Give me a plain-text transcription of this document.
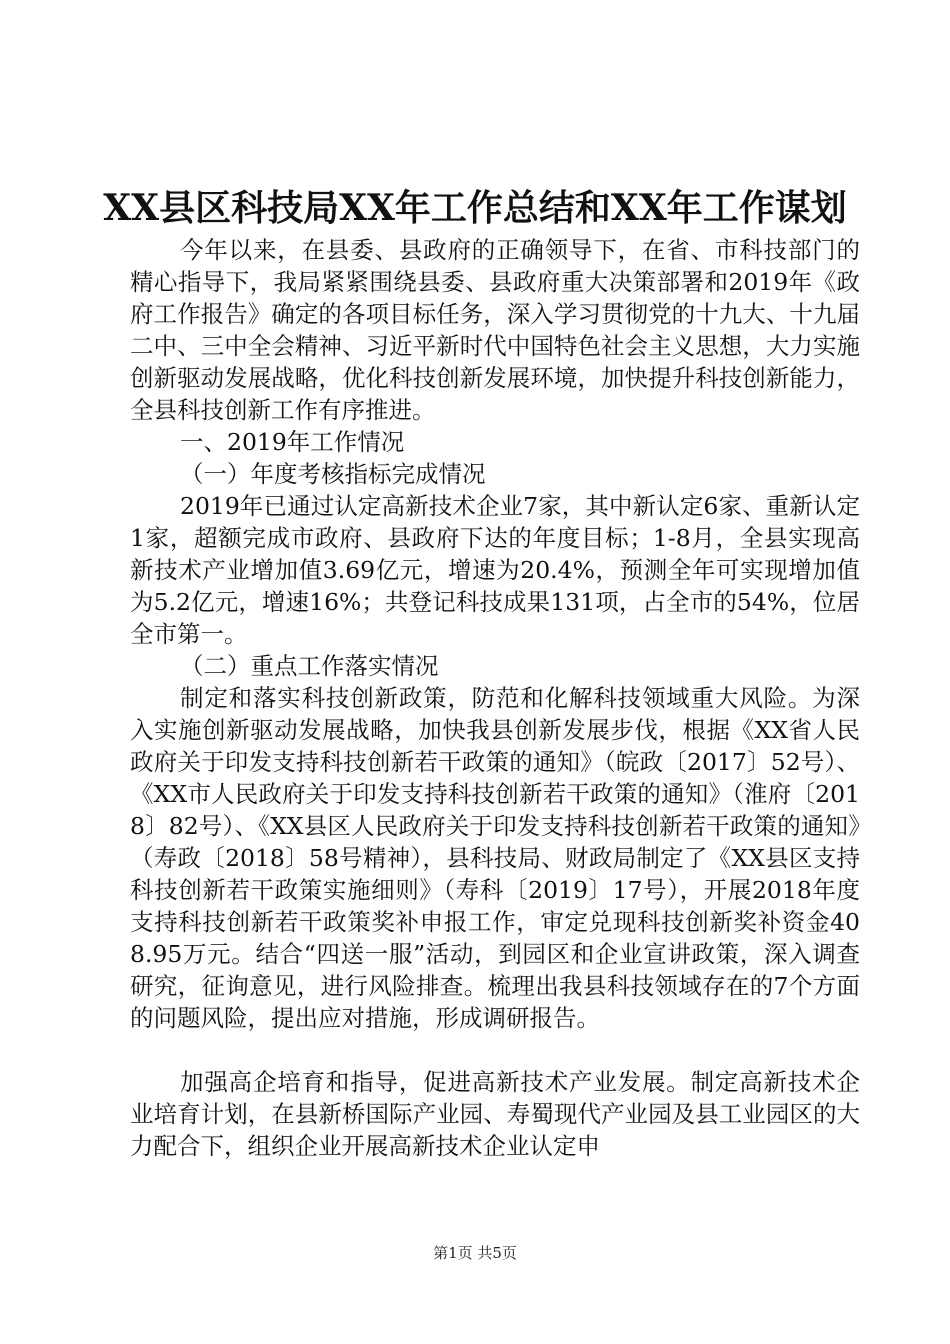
XX县区科技局XX年工作总结和XX年工作谋划

今年以来，在县委、县政府的正确领导下，在省、市科技部门的精心指导下，我局紧紧围绕县委、县政府重大决策部署和2019年《政府工作报告》确定的各项目标任务，深入学习贯彻党的十九大、十九届二中、三中全会精神、习近平新时代中国特色社会主义思想，大力实施创新驱动发展战略，优化科技创新发展环境，加快提升科技创新能力，全县科技创新工作有序推进。

一、2019年工作情况

（一）年度考核指标完成情况

2019年已通过认定高新技术企业7家，其中新认定6家、重新认定1家，超额完成市政府、县政府下达的年度目标；1-8月，全县实现高新技术产业增加值3.69亿元，增速为20.4%，预测全年可实现增加值为5.2亿元，增速16%；共登记科技成果131项，占全市的54%，位居全市第一。

（二）重点工作落实情况

制定和落实科技创新政策，防范和化解科技领域重大风险。为深入实施创新驱动发展战略，加快我县创新发展步伐，根据《XX省人民政府关于印发支持科技创新若干政策的通知》（皖政〔2017〕52号）、《XX市人民政府关于印发支持科技创新若干政策的通知》（淮府〔2018〕82号）、《XX县区人民政府关于印发支持科技创新若干政策的通知》（寿政〔2018〕58号精神），县科技局、财政局制定了《XX县区支持科技创新若干政策实施细则》（寿科〔2019〕17号），开展2018年度支持科技创新若干政策奖补申报工作，审定兑现科技创新奖补资金408.95万元。结合“四送一服”活动，到园区和企业宣讲政策，深入调查研究，征询意见，进行风险排查。梳理出我县科技领域存在的7个方面的问题风险，提出应对措施，形成调研报告。

加强高企培育和指导，促进高新技术产业发展。制定高新技术企业培育计划，在县新桥国际产业园、寿蜀现代产业园及县工业园区的大力配合下，组织企业开展高新技术企业认定申

第1页 共5页
